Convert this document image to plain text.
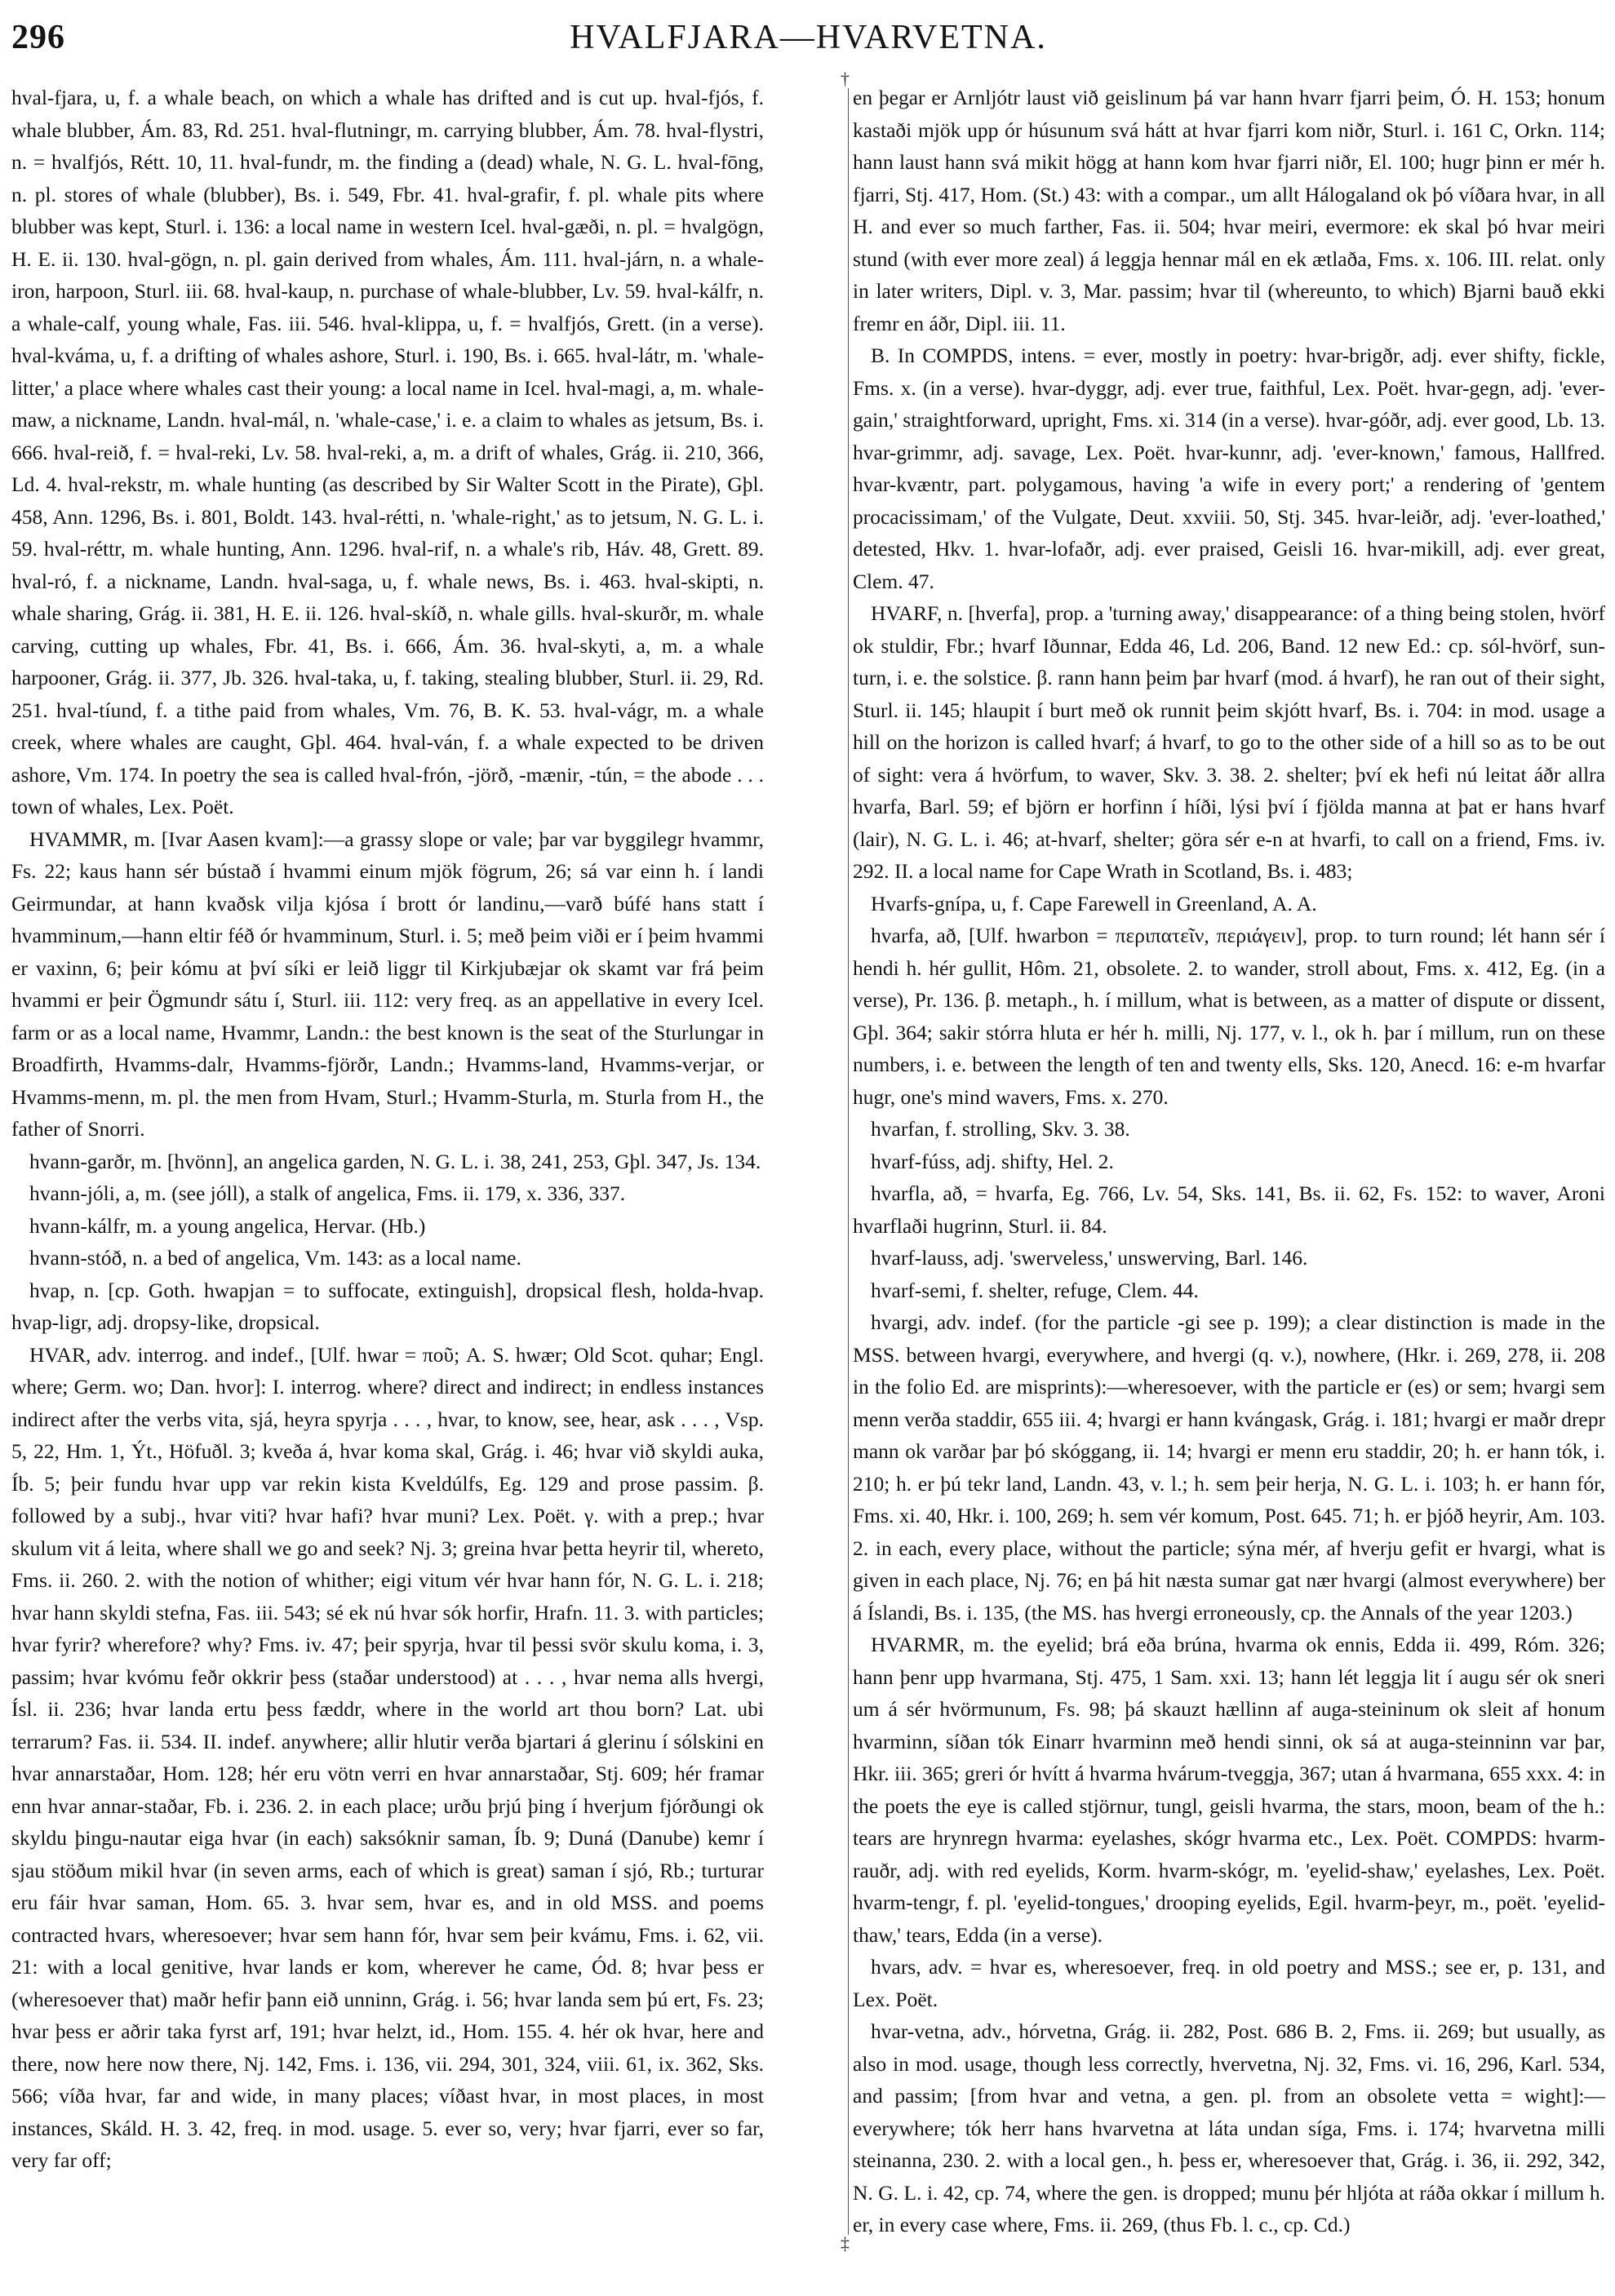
296	HVALFJARA—HVARVETNA.
†
‡

hval-fjara, u, f. a whale beach, on which a whale has drifted and is cut up. hval-fjós, f. whale blubber, Ám. 83, Rd. 251. hval-flutningr, m. carrying blubber, Ám. 78. hval-flystri, n. = hvalfjós, Rétt. 10, 11. hval-fundr, m. the finding a (dead) whale, N. G. L. hval-fōng, n. pl. stores of whale (blubber), Bs. i. 549, Fbr. 41. hval-grafir, f. pl. whale pits where blubber was kept, Sturl. i. 136: a local name in western Icel. hval-gæði, n. pl. = hvalgögn, H. E. ii. 130. hval-gögn, n. pl. gain derived from whales, Ám. 111. hval-járn, n. a whale-iron, harpoon, Sturl. iii. 68. hval-kaup, n. purchase of whale-blubber, Lv. 59. hval-kálfr, n. a whale-calf, young whale, Fas. iii. 546. hval-klippa, u, f. = hvalfjós, Grett. (in a verse). hval-kváma, u, f. a drifting of whales ashore, Sturl. i. 190, Bs. i. 665. hval-látr, m. 'whale-litter,' a place where whales cast their young: a local name in Icel. hval-magi, a, m. whale-maw, a nickname, Landn. hval-mál, n. 'whale-case,' i. e. a claim to whales as jetsum, Bs. i. 666. hval-reið, f. = hval-reki, Lv. 58. hval-reki, a, m. a drift of whales, Grág. ii. 210, 366, Ld. 4. hval-rekstr, m. whale hunting (as described by Sir Walter Scott in the Pirate), Gþl. 458, Ann. 1296, Bs. i. 801, Boldt. 143. hval-rétti, n. 'whale-right,' as to jetsum, N. G. L. i. 59. hval-réttr, m. whale hunting, Ann. 1296. hval-rif, n. a whale's rib, Háv. 48, Grett. 89. hval-ró, f. a nickname, Landn. hval-saga, u, f. whale news, Bs. i. 463. hval-skipti, n. whale sharing, Grág. ii. 381, H. E. ii. 126. hval-skíð, n. whale gills. hval-skurðr, m. whale carving, cutting up whales, Fbr. 41, Bs. i. 666, Ám. 36. hval-skyti, a, m. a whale harpooner, Grág. ii. 377, Jb. 326. hval-taka, u, f. taking, stealing blubber, Sturl. ii. 29, Rd. 251. hval-tíund, f. a tithe paid from whales, Vm. 76, B. K. 53. hval-vágr, m. a whale creek, where whales are caught, Gþl. 464. hval-ván, f. a whale expected to be driven ashore, Vm. 174. In poetry the sea is called hval-frón, -jörð, -mænir, -tún, = the abode . . . town of whales, Lex. Poët.

HVAMMR, m. [Ivar Aasen kvam]:—a grassy slope or vale; þar var byggilegr hvammr, Fs. 22; kaus hann sér bústað í hvammi einum mjök fögrum, 26; sá var einn h. í landi Geirmundar, at hann kvaðsk vilja kjósa í brott ór landinu,—varð búfé hans statt í hvamminum,—hann eltir féð ór hvamminum, Sturl. i. 5; með þeim viði er í þeim hvammi er vaxinn, 6; þeir kómu at því síki er leið liggr til Kirkjubæjar ok skamt var frá þeim hvammi er þeir Ögmundr sátu í, Sturl. iii. 112: very freq. as an appellative in every Icel. farm or as a local name, Hvammr, Landn.: the best known is the seat of the Sturlungar in Broadfirth, Hvamms-dalr, Hvamms-fjörðr, Landn.; Hvamms-land, Hvamms-verjar, or Hvamms-menn, m. pl. the men from Hvam, Sturl.; Hvamm-Sturla, m. Sturla from H., the father of Snorri.

hvann-garðr, m. [hvönn], an angelica garden, N. G. L. i. 38, 241, 253, Gþl. 347, Js. 134.

hvann-jóli, a, m. (see jóll), a stalk of angelica, Fms. ii. 179, x. 336, 337.

hvann-kálfr, m. a young angelica, Hervar. (Hb.)

hvann-stóð, n. a bed of angelica, Vm. 143: as a local name.

hvap, n. [cp. Goth. hwapjan = to suffocate, extinguish], dropsical flesh, holda-hvap. hvap-ligr, adj. dropsy-like, dropsical.

HVAR, adv. interrog. and indef., [Ulf. hwar = ποῦ; A. S. hwær; Old Scot. quhar; Engl. where; Germ. wo; Dan. hvor]: I. interrog. where? direct and indirect; in endless instances indirect after the verbs vita, sjá, heyra spyrja . . . , hvar, to know, see, hear, ask . . . , Vsp. 5, 22, Hm. 1, Ýt., Höfuðl. 3; kveða á, hvar koma skal, Grág. i. 46; hvar við skyldi auka, Íb. 5; þeir fundu hvar upp var rekin kista Kveldúlfs, Eg. 129 and prose passim. β. followed by a subj., hvar viti? hvar hafi? hvar muni? Lex. Poët. γ. with a prep.; hvar skulum vit á leita, where shall we go and seek? Nj. 3; greina hvar þetta heyrir til, whereto, Fms. ii. 260. 2. with the notion of whither; eigi vitum vér hvar hann fór, N. G. L. i. 218; hvar hann skyldi stefna, Fas. iii. 543; sé ek nú hvar sók horfir, Hrafn. 11. 3. with particles; hvar fyrir? wherefore? why? Fms. iv. 47; þeir spyrja, hvar til þessi svör skulu koma, i. 3, passim; hvar kvómu feðr okkrir þess (staðar understood) at . . . , hvar nema alls hvergi, Ísl. ii. 236; hvar landa ertu þess fæddr, where in the world art thou born? Lat. ubi terrarum? Fas. ii. 534. II. indef. anywhere; allir hlutir verða bjartari á glerinu í sólskini en hvar annarstaðar, Hom. 128; hér eru vötn verri en hvar annarstaðar, Stj. 609; hér framar enn hvar annar-staðar, Fb. i. 236. 2. in each place; urðu þrjú þing í hverjum fjórðungi ok skyldu þingu-nautar eiga hvar (in each) saksóknir saman, Íb. 9; Duná (Danube) kemr í sjau stöðum mikil hvar (in seven arms, each of which is great) saman í sjó, Rb.; turturar eru fáir hvar saman, Hom. 65. 3. hvar sem, hvar es, and in old MSS. and poems contracted hvars, wheresoever; hvar sem hann fór, hvar sem þeir kvámu, Fms. i. 62, vii. 21: with a local genitive, hvar lands er kom, wherever he came, Ód. 8; hvar þess er (wheresoever that) maðr hefir þann eið unninn, Grág. i. 56; hvar landa sem þú ert, Fs. 23; hvar þess er aðrir taka fyrst arf, 191; hvar helzt, id., Hom. 155. 4. hér ok hvar, here and there, now here now there, Nj. 142, Fms. i. 136, vii. 294, 301, 324, viii. 61, ix. 362, Sks. 566; víða hvar, far and wide, in many places; víðast hvar, in most places, in most instances, Skáld. H. 3. 42, freq. in mod. usage. 5. ever so, very; hvar fjarri, ever so far, very far off;

en þegar er Arnljótr laust við geislinum þá var hann hvarr fjarri þeim, Ó. H. 153; honum kastaði mjök upp ór húsunum svá hátt at hvar fjarri kom niðr, Sturl. i. 161 C, Orkn. 114; hann laust hann svá mikit högg at hann kom hvar fjarri niðr, El. 100; hugr þinn er mér h. fjarri, Stj. 417, Hom. (St.) 43: with a compar., um allt Hálogaland ok þó víðara hvar, in all H. and ever so much farther, Fas. ii. 504; hvar meiri, evermore: ek skal þó hvar meiri stund (with ever more zeal) á leggja hennar mál en ek ætlaða, Fms. x. 106. III. relat. only in later writers, Dipl. v. 3, Mar. passim; hvar til (whereunto, to which) Bjarni bauð ekki fremr en áðr, Dipl. iii. 11.

B. In COMPDS, intens. = ever, mostly in poetry: hvar-brigðr, adj. ever shifty, fickle, Fms. x. (in a verse). hvar-dyggr, adj. ever true, faithful, Lex. Poët. hvar-gegn, adj. 'ever-gain,' straightforward, upright, Fms. xi. 314 (in a verse). hvar-góðr, adj. ever good, Lb. 13. hvar-grimmr, adj. savage, Lex. Poët. hvar-kunnr, adj. 'ever-known,' famous, Hallfred. hvar-kvæntr, part. polygamous, having 'a wife in every port;' a rendering of 'gentem procacissimam,' of the Vulgate, Deut. xxviii. 50, Stj. 345. hvar-leiðr, adj. 'ever-loathed,' detested, Hkv. 1. hvar-lofaðr, adj. ever praised, Geisli 16. hvar-mikill, adj. ever great, Clem. 47.

HVARF, n. [hverfa], prop. a 'turning away,' disappearance: of a thing being stolen, hvörf ok stuldir, Fbr.; hvarf Iðunnar, Edda 46, Ld. 206, Band. 12 new Ed.: cp. sól-hvörf, sun-turn, i. e. the solstice. β. rann hann þeim þar hvarf (mod. á hvarf), he ran out of their sight, Sturl. ii. 145; hlaupit í burt með ok runnit þeim skjótt hvarf, Bs. i. 704: in mod. usage a hill on the horizon is called hvarf; á hvarf, to go to the other side of a hill so as to be out of sight: vera á hvörfum, to waver, Skv. 3. 38. 2. shelter; því ek hefi nú leitat áðr allra hvarfa, Barl. 59; ef björn er horfinn í híði, lýsi því í fjölda manna at þat er hans hvarf (lair), N. G. L. i. 46; at-hvarf, shelter; göra sér e-n at hvarfi, to call on a friend, Fms. iv. 292. II. a local name for Cape Wrath in Scotland, Bs. i. 483;

Hvarfs-gnípa, u, f. Cape Farewell in Greenland, A. A.

hvarfa, að, [Ulf. hwarbon = περιπατεῖν, περιάγειν], prop. to turn round; lét hann sér í hendi h. hér gullit, Hôm. 21, obsolete. 2. to wander, stroll about, Fms. x. 412, Eg. (in a verse), Pr. 136. β. metaph., h. í millum, what is between, as a matter of dispute or dissent, Gþl. 364; sakir stórra hluta er hér h. milli, Nj. 177, v. l., ok h. þar í millum, run on these numbers, i. e. between the length of ten and twenty ells, Sks. 120, Anecd. 16: e-m hvarfar hugr, one's mind wavers, Fms. x. 270.

hvarfan, f. strolling, Skv. 3. 38.

hvarf-fúss, adj. shifty, Hel. 2.

hvarfla, að, = hvarfa, Eg. 766, Lv. 54, Sks. 141, Bs. ii. 62, Fs. 152: to waver, Aroni hvarflaði hugrinn, Sturl. ii. 84.

hvarf-lauss, adj. 'swerveless,' unswerving, Barl. 146.

hvarf-semi, f. shelter, refuge, Clem. 44.

hvargi, adv. indef. (for the particle -gi see p. 199); a clear distinction is made in the MSS. between hvargi, everywhere, and hvergi (q. v.), nowhere, (Hkr. i. 269, 278, ii. 208 in the folio Ed. are misprints):—wheresoever, with the particle er (es) or sem; hvargi sem menn verða staddir, 655 iii. 4; hvargi er hann kvángask, Grág. i. 181; hvargi er maðr drepr mann ok varðar þar þó skóggang, ii. 14; hvargi er menn eru staddir, 20; h. er hann tók, i. 210; h. er þú tekr land, Landn. 43, v. l.; h. sem þeir herja, N. G. L. i. 103; h. er hann fór, Fms. xi. 40, Hkr. i. 100, 269; h. sem vér komum, Post. 645. 71; h. er þjóð heyrir, Am. 103. 2. in each, every place, without the particle; sýna mér, af hverju gefit er hvargi, what is given in each place, Nj. 76; en þá hit næsta sumar gat nær hvargi (almost everywhere) ber á Íslandi, Bs. i. 135, (the MS. has hvergi erroneously, cp. the Annals of the year 1203.)

HVARMR, m. the eyelid; brá eða brúna, hvarma ok ennis, Edda ii. 499, Róm. 326; hann þenr upp hvarmana, Stj. 475, 1 Sam. xxi. 13; hann lét leggja lit í augu sér ok sneri um á sér hvörmunum, Fs. 98; þá skauzt hællinn af auga-steininum ok sleit af honum hvarminn, síðan tók Einarr hvarminn með hendi sinni, ok sá at auga-steinninn var þar, Hkr. iii. 365; greri ór hvítt á hvarma hvárum-tveggja, 367; utan á hvarmana, 655 xxx. 4: in the poets the eye is called stjörnur, tungl, geisli hvarma, the stars, moon, beam of the h.: tears are hrynregn hvarma: eyelashes, skógr hvarma etc., Lex. Poët. COMPDS: hvarm-rauðr, adj. with red eyelids, Korm. hvarm-skógr, m. 'eyelid-shaw,' eyelashes, Lex. Poët. hvarm-tengr, f. pl. 'eyelid-tongues,' drooping eyelids, Egil. hvarm-þeyr, m., poët. 'eyelid-thaw,' tears, Edda (in a verse).

hvars, adv. = hvar es, wheresoever, freq. in old poetry and MSS.; see er, p. 131, and Lex. Poët.

hvar-vetna, adv., hórvetna, Grág. ii. 282, Post. 686 B. 2, Fms. ii. 269; but usually, as also in mod. usage, though less correctly, hvervetna, Nj. 32, Fms. vi. 16, 296, Karl. 534, and passim; [from hvar and vetna, a gen. pl. from an obsolete vetta = wight]:—everywhere; tók herr hans hvarvetna at láta undan síga, Fms. i. 174; hvarvetna milli steinanna, 230. 2. with a local gen., h. þess er, wheresoever that, Grág. i. 36, ii. 292, 342, N. G. L. i. 42, cp. 74, where the gen. is dropped; munu þér hljóta at ráða okkar í millum h. er, in every case where, Fms. ii. 269, (thus Fb. l. c., cp. Cd.)
